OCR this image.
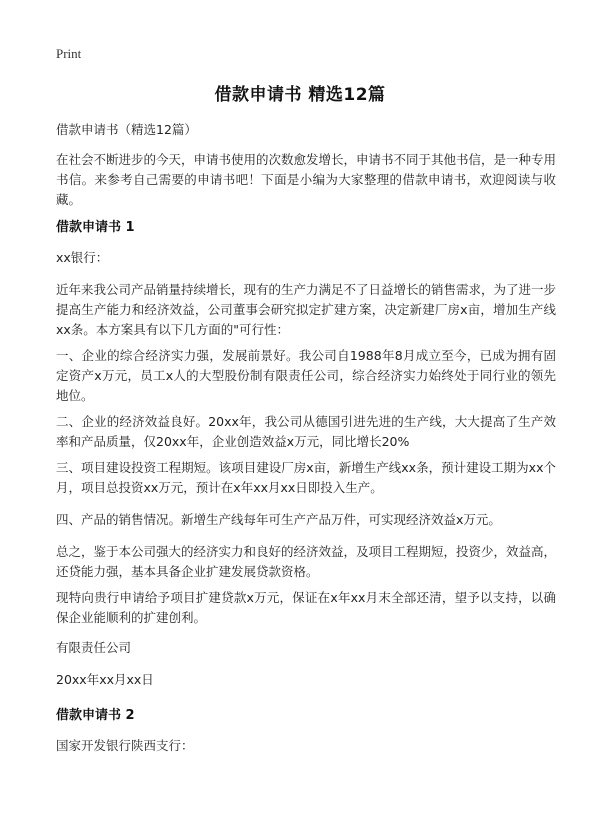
Print
借款申请书 精选12篇

借款申请书（精选12篇）

在社会不断进步的今天，申请书使用的次数愈发增长，申请书不同于其他书信，是一种专用书信。来参考自己需要的申请书吧！下面是小编为大家整理的借款申请书，欢迎阅读与收藏。

借款申请书 1

xx银行：

近年来我公司产品销量持续增长，现有的生产力满足不了日益增长的销售需求，为了进一步提高生产能力和经济效益，公司董事会研究拟定扩建方案，决定新建厂房x亩，增加生产线xx条。本方案具有以下几方面的"可行性：

一、企业的综合经济实力强，发展前景好。我公司自1988年8月成立至今，已成为拥有固定资产x万元，员工x人的大型股份制有限责任公司，综合经济实力始终处于同行业的领先地位。

二、企业的经济效益良好。20xx年，我公司从德国引进先进的生产线，大大提高了生产效率和产品质量，仅20xx年，企业创造效益x万元，同比增长20%

三、项目建设投资工程期短。该项目建设厂房x亩，新增生产线xx条，预计建设工期为xx个月，项目总投资xx万元，预计在x年xx月xx日即投入生产。

四、产品的销售情况。新增生产线每年可生产产品万件，可实现经济效益x万元。

总之，鉴于本公司强大的经济实力和良好的经济效益，及项目工程期短，投资少，效益高，还贷能力强，基本具备企业扩建发展贷款资格。

现特向贵行申请给予项目扩建贷款x万元，保证在x年xx月末全部还清，望予以支持，以确保企业能顺利的扩建创利。

有限责任公司

20xx年xx月xx日

借款申请书 2

国家开发银行陕西支行：
